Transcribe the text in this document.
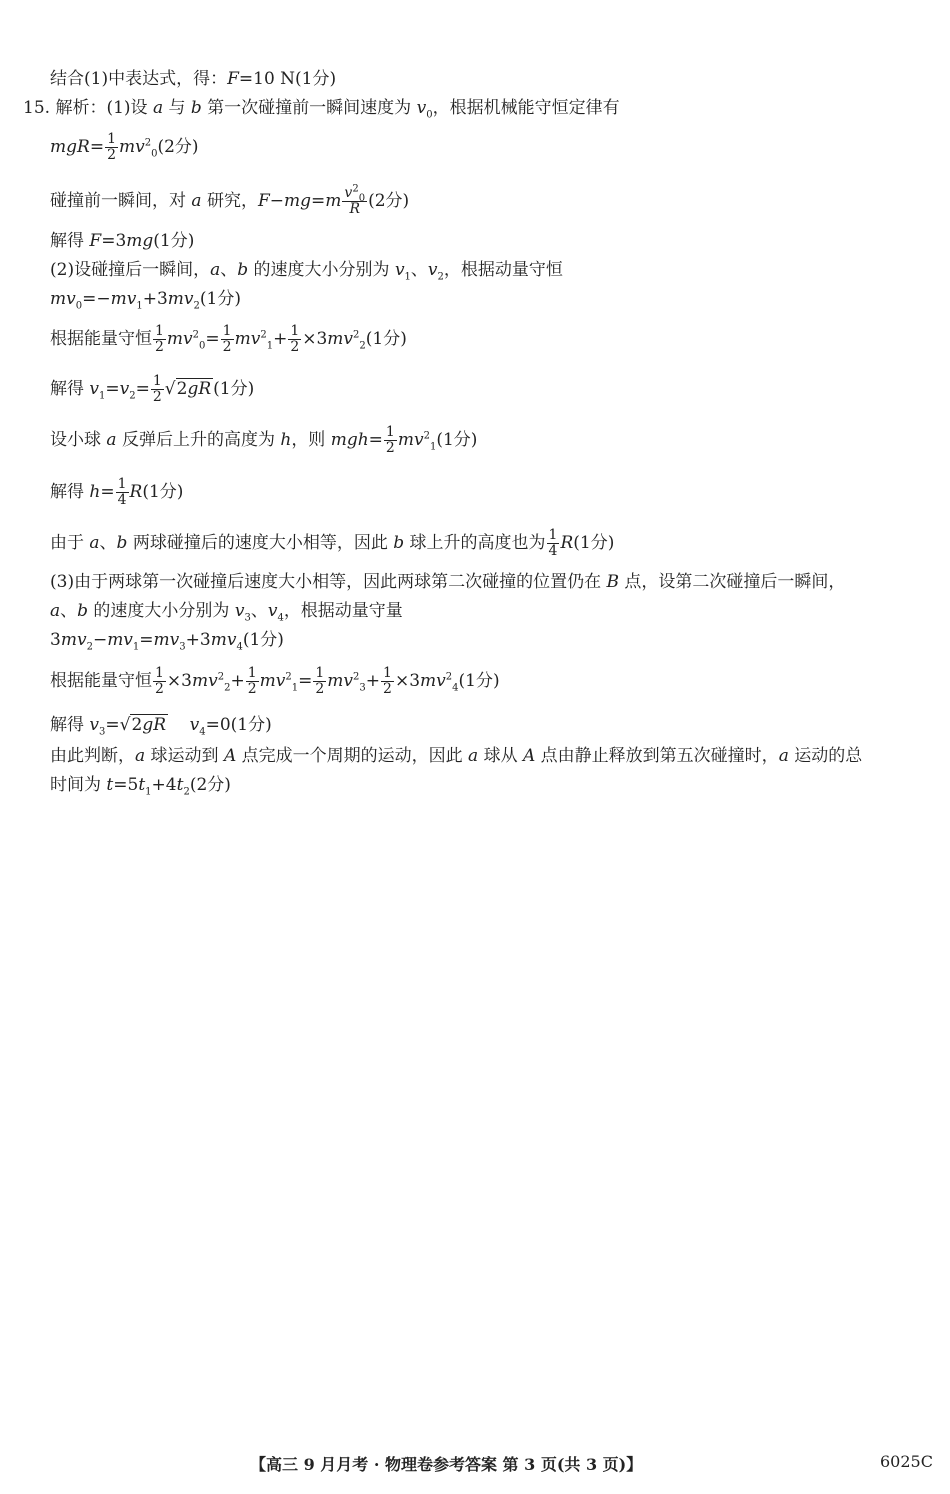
结合(1)中表达式，得：F=10 N(1分)
15. 解析：(1)设 a 与 b 第一次碰撞前一瞬间速度为 $v_0$，根据机械能守恒定律有
$mgR= \frac{1}{2} mv^2_0(2$分)
碰撞前一瞬间，对 a 研究，$F-mg=m \frac{v^2_0}{R} (2$分)
解得 F=3mg(1分)
(2)设碰撞后一瞬间，a、b 的速度大小分别为 $v_1$、$v_2$，根据动量守恒
$mv_0=-mv_1+3mv_2(1$分)
根据能量守恒 $\frac{1}{2} mv^2_0= \frac{1}{2} mv^2_1+ \frac{1}{2} \times 3mv^2_2(1$分)
解得 $v_1=v_2= \frac{1}{2} √2gR$ (1分)
设小球 a 反弹后上升的高度为 h，则 $mgh= \frac{1}{2} mv^2_1(1$分)
解得 $h= \frac{1}{4} R(1$分)
由于 a、b 两球碰撞后的速度大小相等，因此 b 球上升的高度也为 $\frac{1}{4} R(1$分)
(3)由于两球第一次碰撞后速度大小相等，因此两球第二次碰撞的位置仍在 B 点，设第二次碰撞后一瞬间，
a、b 的速度大小分别为 $v_3$、$v_4$，根据动量守量
$3mv_2-mv_1=mv_3+3mv_4(1$分)
根据能量守恒 $\frac{1}{2} \times 3mv^2_2+ \frac{1}{2} mv^2_1= \frac{1}{2} mv^2_3+ \frac{1}{2} \times 3mv^2_4(1$分)
解得 $v_3=√2gR$ $v_4=0(1$分)
由此判断，a 球运动到 A 点完成一个周期的运动，因此 a 球从 A 点由静止释放到第五次碰撞时，a 运动的总
时间为 $t=5t_1+4t_2(2$分)
【高三 9 月月考 · 物理卷参考答案 第 3 页(共 3 页)】	6025C
